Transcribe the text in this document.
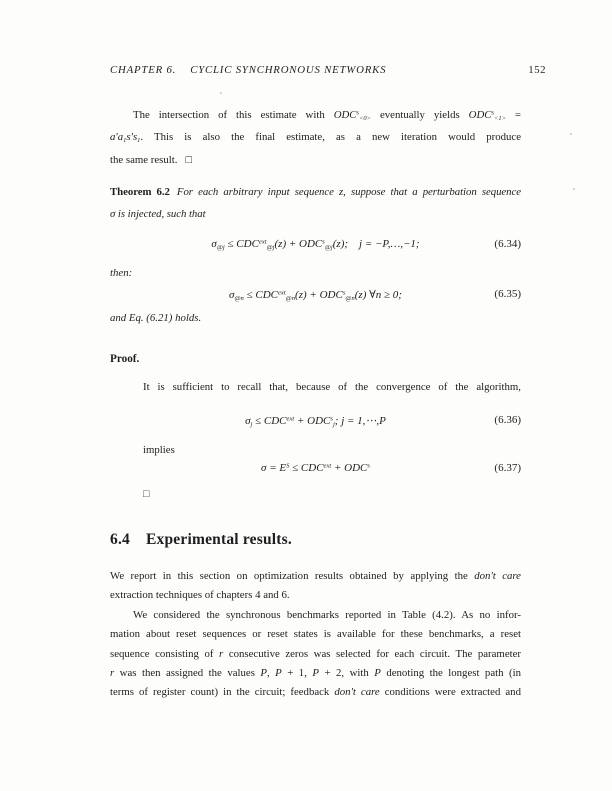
CHAPTER 6. CYCLIC SYNCHRONOUS NETWORKS	152
The intersection of this estimate with $ODC^s_{<0>}$ eventually yields $ODC^s_{<1>}$ =
$a'a_1s's_1$. This is also the final estimate, as a new iteration would produce
the same result.  □
Theorem 6.2 For each arbitrary input sequence z, suppose that a perturbation sequence
σ is injected, such that
$\sigma_{@j} \le CDC^{ext}_{@j}(z) + ODC^s_{@j}(z)$;  j = −P,…,−1;	(6.34)
then:
$\sigma_{@n} \le CDC^{ext}_{@n}(z) + ODC^s_{@n}(z)$ ∀n ≥ 0;	(6.35)
and Eq. (6.21) holds.
Proof.
It is sufficient to recall that, because of the convergence of the algorithm,
$\sigma_j \le CDC^{ext} + ODC^s_j$; j = 1,⋯,P	(6.36)
implies
$\sigma = E^S \le CDC^{ext} + ODC^s$	(6.37)
□
6.4 Experimental results.
We report in this section on optimization results obtained by applying the don't care
extraction techniques of chapters 4 and 6.
We considered the synchronous benchmarks reported in Table (4.2). As no infor-
mation about reset sequences or reset states is available for these benchmarks, a reset
sequence consisting of r consecutive zeros was selected for each circuit. The parameter
r was then assigned the values P, P + 1, P + 2, with P denoting the longest path (in
terms of register count) in the circuit; feedback don't care conditions were extracted and
